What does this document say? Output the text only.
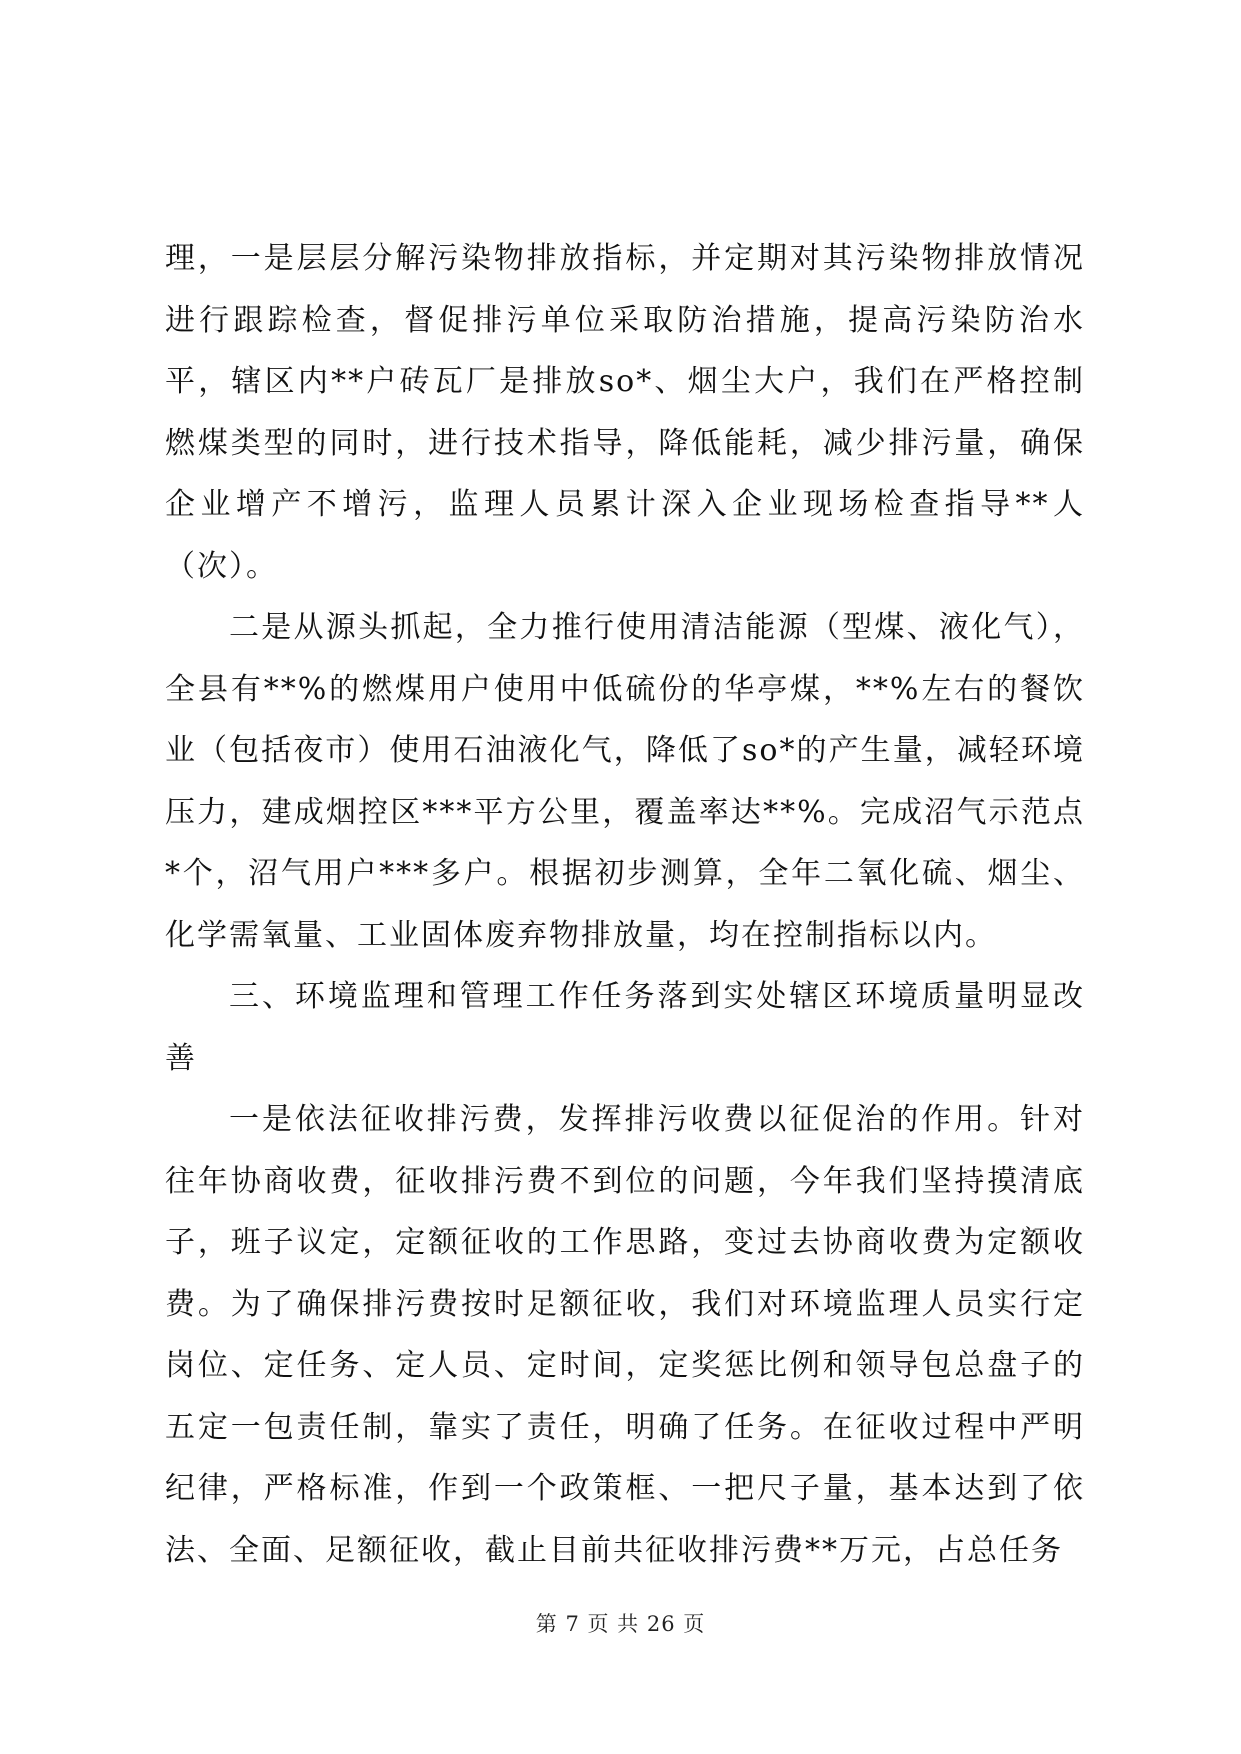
理，一是层层分解污染物排放指标，并定期对其污染物排放情况进行跟踪检查，督促排污单位采取防治措施，提高污染防治水平，辖区内**户砖瓦厂是排放so*、烟尘大户，我们在严格控制燃煤类型的同时，进行技术指导，降低能耗，减少排污量，确保企业增产不增污，监理人员累计深入企业现场检查指导**人（次）。

二是从源头抓起，全力推行使用清洁能源（型煤、液化气），全县有**%的燃煤用户使用中低硫份的华亭煤，**%左右的餐饮业（包括夜市）使用石油液化气，降低了so*的产生量，减轻环境压力，建成烟控区***平方公里，覆盖率达**%。完成沼气示范点*个，沼气用户***多户。根据初步测算，全年二氧化硫、烟尘、化学需氧量、工业固体废弃物排放量，均在控制指标以内。

三、环境监理和管理工作任务落到实处辖区环境质量明显改善

一是依法征收排污费，发挥排污收费以征促治的作用。针对往年协商收费，征收排污费不到位的问题，今年我们坚持摸清底子，班子议定，定额征收的工作思路，变过去协商收费为定额收费。为了确保排污费按时足额征收，我们对环境监理人员实行定岗位、定任务、定人员、定时间，定奖惩比例和领导包总盘子的五定一包责任制，靠实了责任，明确了任务。在征收过程中严明纪律，严格标准，作到一个政策框、一把尺子量，基本达到了依法、全面、足额征收，截止目前共征收排污费**万元，占总任务

第 7 页 共 26 页
